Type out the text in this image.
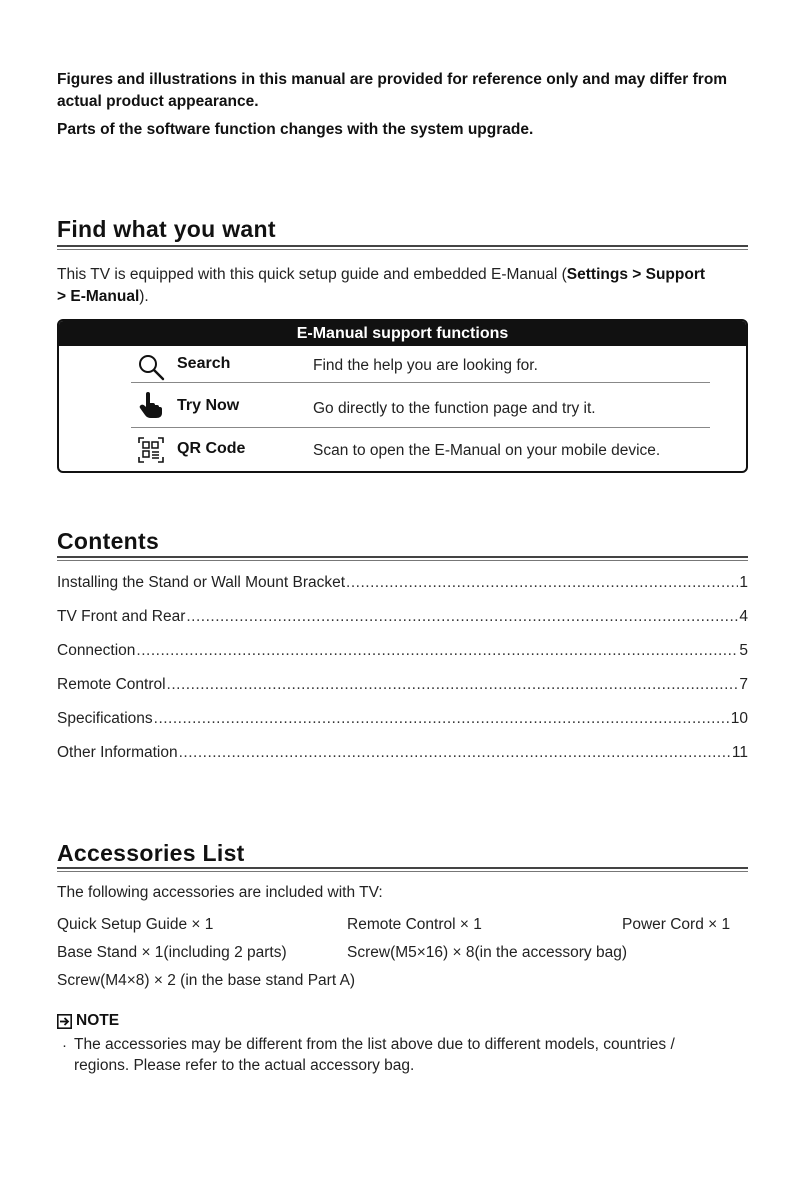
Figures and illustrations in this manual are provided for reference only and may differ from actual product appearance.
Parts of the software function changes with the system upgrade.
Find what you want
This TV is equipped with this quick setup guide and embedded E-Manual (Settings > Support > E-Manual).
E-Manual support functions
Search	Find the help you are looking for.
Try Now	Go directly to the function page and try it.
QR Code	Scan to open the E-Manual on your mobile device.
Contents
Installing the Stand or Wall Mount Bracket .....	1
TV Front and Rear .....	4
Connection .....	5
Remote Control .....	7
Specifications .....	10
Other Information .....	11
Accessories List
The following accessories are included with TV:
Quick Setup Guide × 1	Remote Control × 1	Power Cord × 1
Base Stand × 1(including 2 parts)	Screw(M5×16) × 8(in the accessory bag)
Screw(M4×8) × 2 (in the base stand Part A)
NOTE
· The accessories may be different from the list above due to different models, countries / regions. Please refer to the actual accessory bag.
